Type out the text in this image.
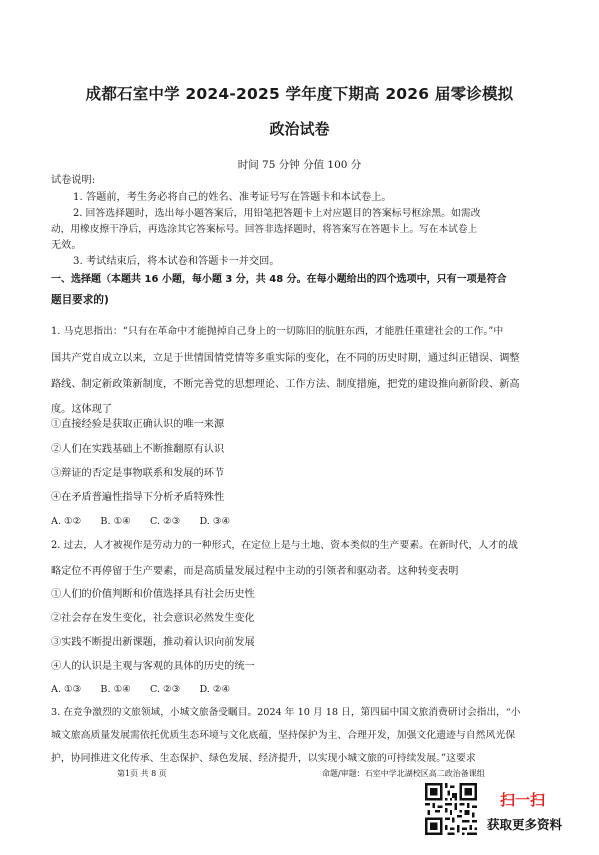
成都石室中学 2024-2025 学年度下期高 2026 届零诊模拟
政治试卷
时间 75 分钟 分值 100 分
试卷说明:
1. 答题前，考生务必将自己的姓名、准考证号写在答题卡和本试卷上。
2. 回答选择题时，选出每小题答案后，用铅笔把答题卡上对应题目的答案标号框涂黑。如需改
动，用橡皮擦干净后，再选涂其它答案标号。回答非选择题时，将答案写在答题卡上。写在本试卷上
无效。
3. 考试结束后，将本试卷和答题卡一并交回。
一、选择题（本题共 16 小题，每小题 3 分，共 48 分。在每小题给出的四个选项中，只有一项是符合
题目要求的)
1. 马克思指出：“只有在革命中才能抛掉自己身上的一切陈旧的肮脏东西，才能胜任重建社会的工作。”中
国共产党自成立以来，立足于世情国情党情等多重实际的变化，在不同的历史时期，通过纠正错误、调整
路线、制定新政策新制度，不断完善党的思想理论、工作方法、制度措施，把党的建设推向新阶段、新高
度。这体现了
①直接经验是获取正确认识的唯一来源
②人们在实践基础上不断推翻原有认识
③辩证的否定是事物联系和发展的环节
④在矛盾普遍性指导下分析矛盾特殊性
A. ①②　　B. ①④　　C. ②③　　D. ③④
2. 过去，人才被视作是劳动力的一种形式，在定位上是与土地、资本类似的生产要素。在新时代，人才的战
略定位不再停留于生产要素，而是高质量发展过程中主动的引领者和驱动者。这种转变表明
①人们的价值判断和价值选择具有社会历史性
②社会存在发生变化，社会意识必然发生变化
③实践不断提出新课题，推动着认识向前发展
④人的认识是主观与客观的具体的历史的统一
A. ①③　　B. ①④　　C. ②③　　D. ②④
3. 在竞争激烈的文旅领域，小城文旅备受瞩目。2024 年 10 月 18 日，第四届中国文旅消费研讨会指出，“小
城文旅高质量发展需依托优质生态环境与文化底蕴，坚持保护为主、合理开发，加强文化遗迹与自然风光保
护，协同推进文化传承、生态保护、绿色发展、经济提升，以实现小城文旅的可持续发展。”这要求
第1页 共 8 页	命题/审题：石室中学北湖校区高二政治备课组
扫一扫
获取更多资料
